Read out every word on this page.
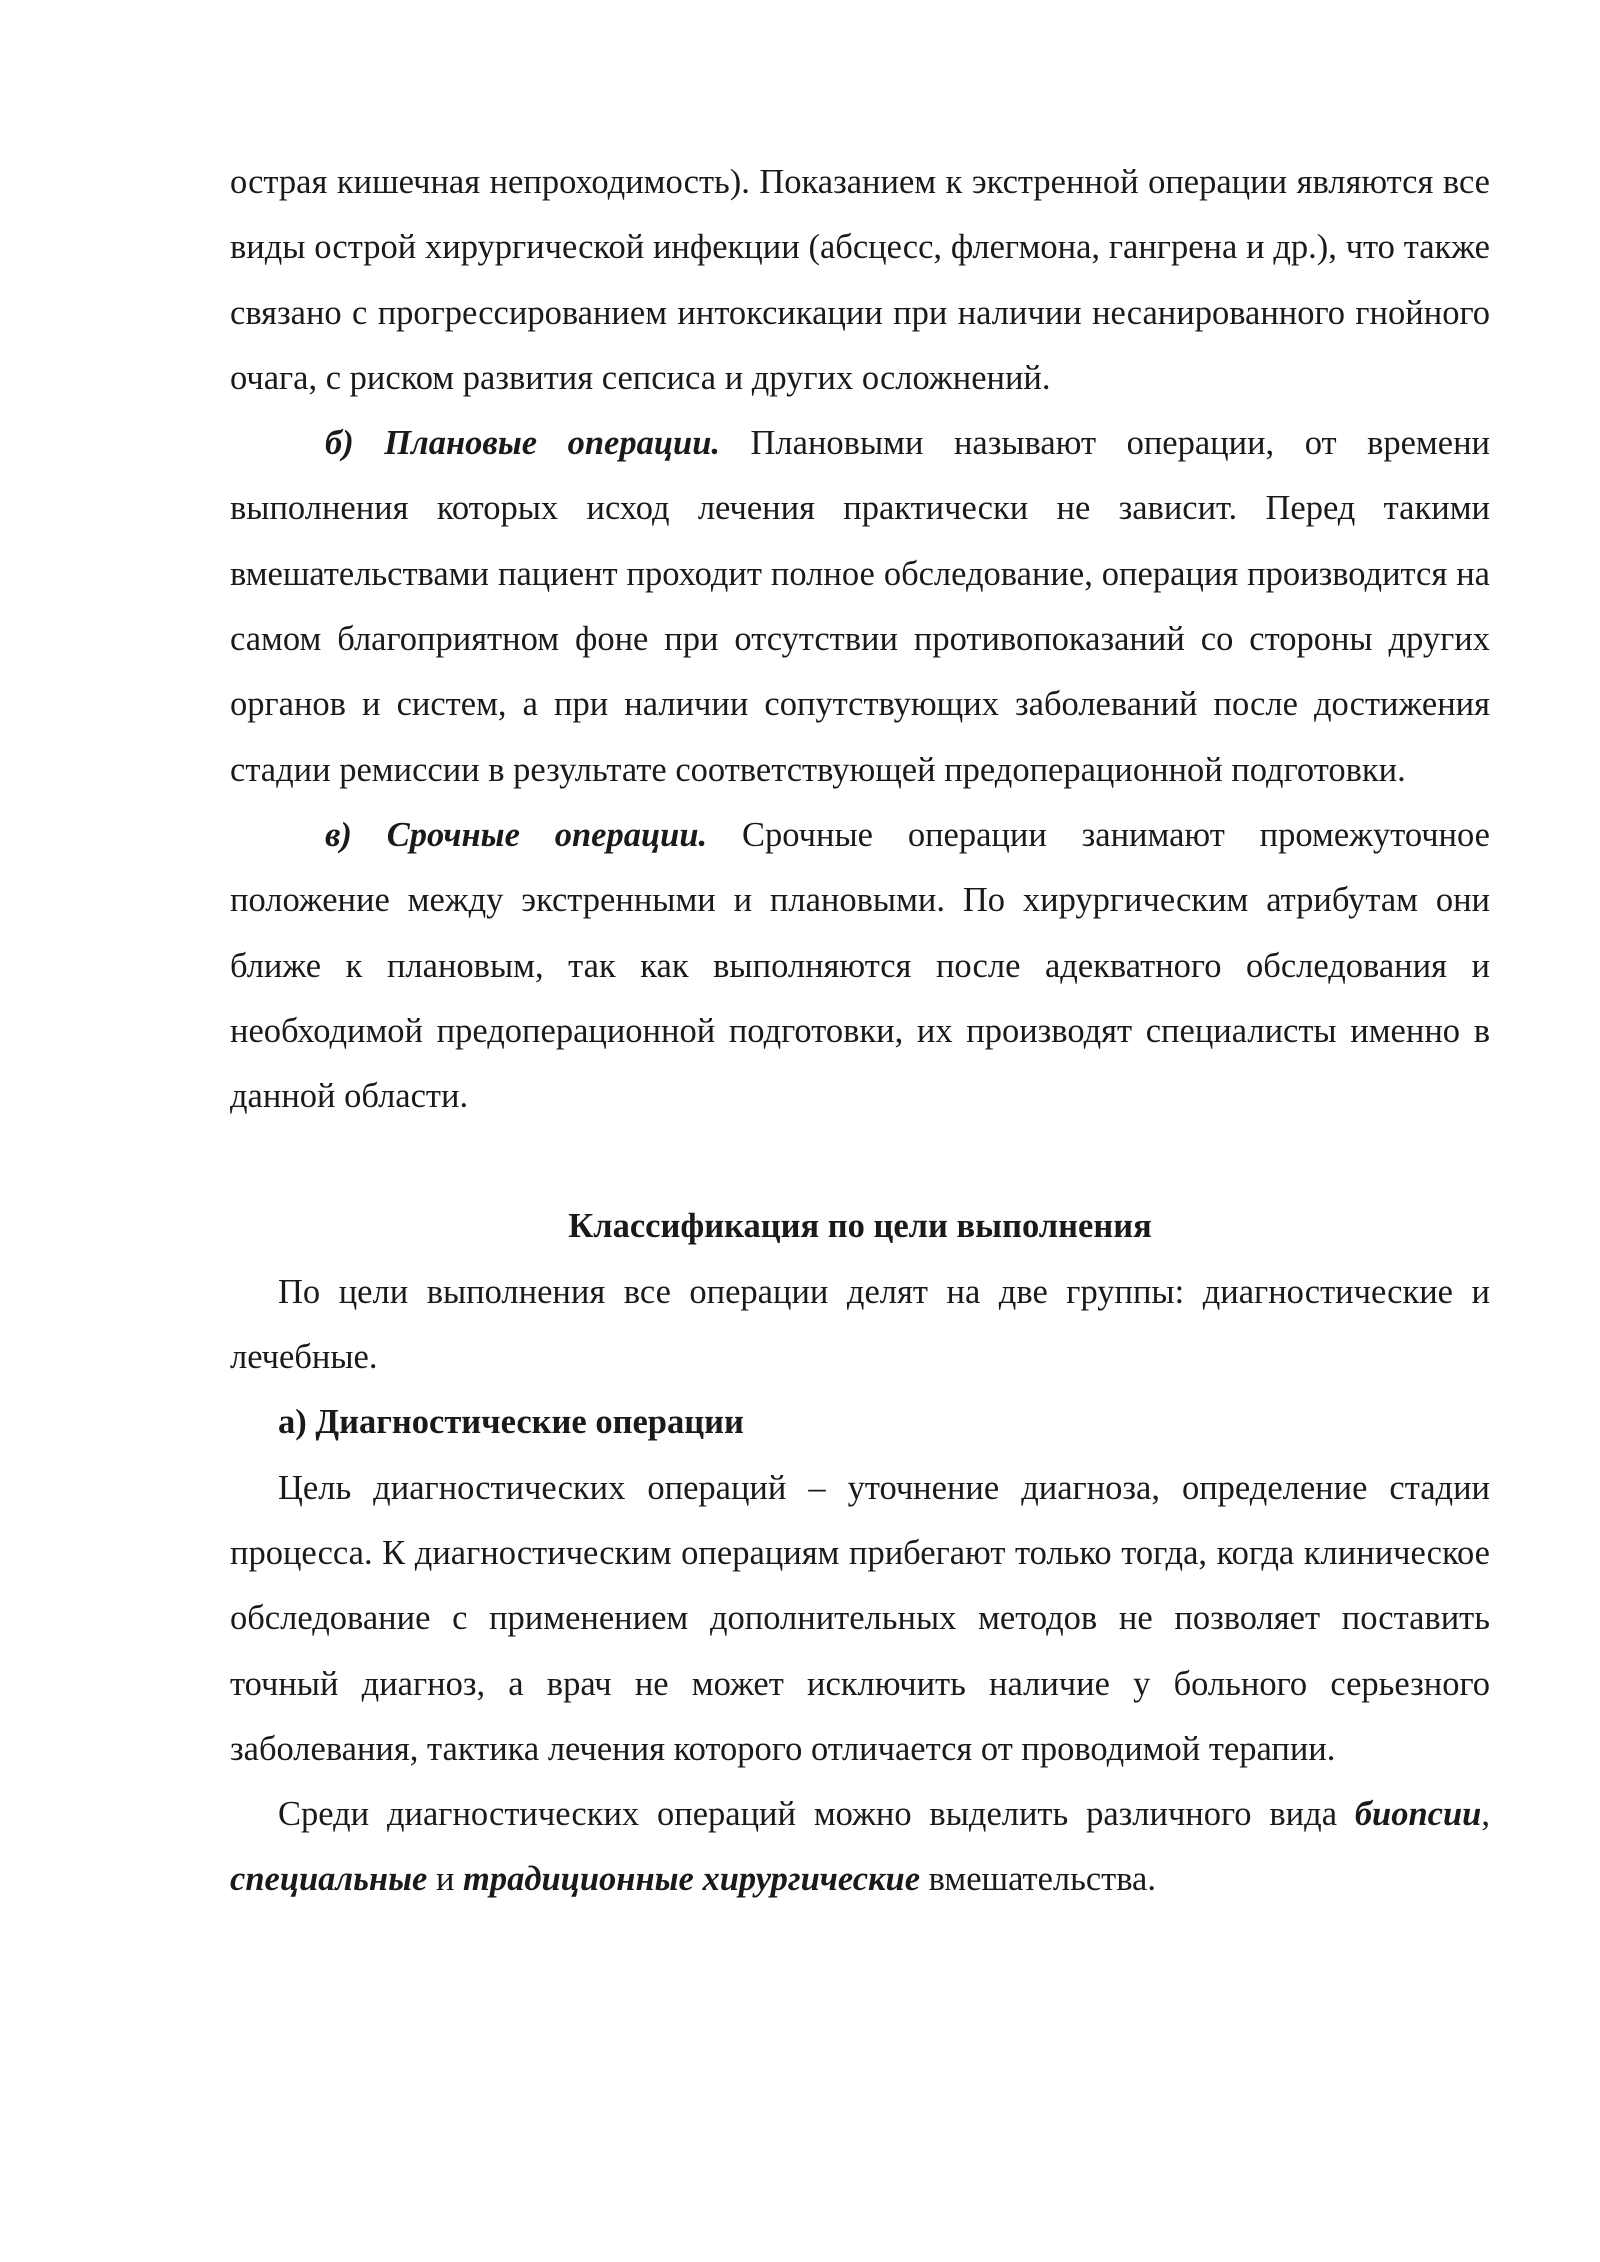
острая кишечная непроходимость). Показанием к экстренной операции являются все виды острой хирургической инфекции (абсцесс, флегмона, гангрена и др.), что также связано с прогрессированием интоксикации при наличии несанированного гнойного очага, с риском развития сепсиса и других осложнений.

б) Плановые операции. Плановыми называют операции, от времени выполнения которых исход лечения практически не зависит. Перед такими вмешательствами пациент проходит полное обследование, операция производится на самом благоприятном фоне при отсутствии противопоказаний со стороны других органов и систем, а при наличии сопутствующих заболеваний после достижения стадии ремиссии в результате соответствующей предоперационной подготовки.

в) Срочные операции. Срочные операции занимают промежуточное положение между экстренными и плановыми. По хирургическим атрибутам они ближе к плановым, так как выполняются после адекватного обследования и необходимой предоперационной подготовки, их производят специалисты именно в данной области.

Классификация по цели выполнения

По цели выполнения все операции делят на две группы: диагностические и лечебные.

а) Диагностические операции

Цель диагностических операций – уточнение диагноза, определение стадии процесса. К диагностическим операциям прибегают только тогда, когда клиническое обследование с применением дополнительных методов не позволяет поставить точный диагноз, а врач не может исключить наличие у больного серьезного заболевания, тактика лечения которого отличается от проводимой терапии.

Среди диагностических операций можно выделить различного вида биопсии, специальные и традиционные хирургические вмешательства.
